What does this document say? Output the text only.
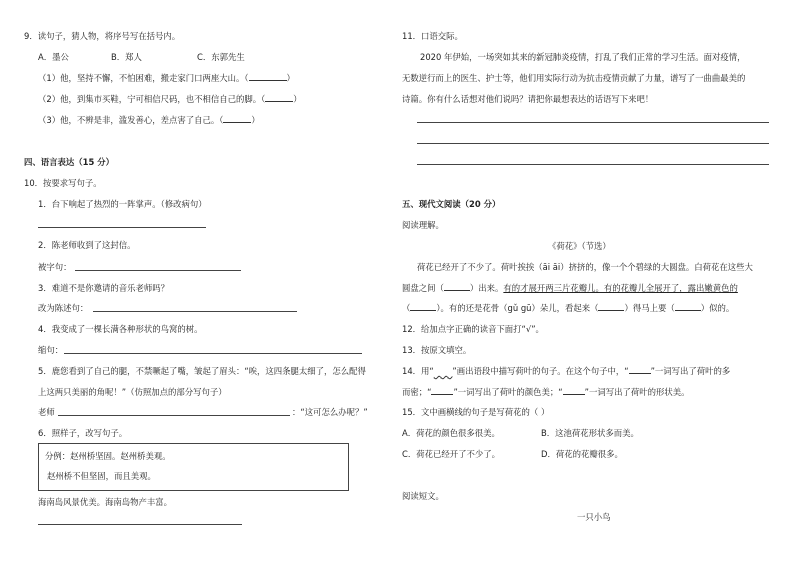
9．读句子，猜人物，将序号写在括号内。
A．墨公	B．郑人	C．东郭先生
（1）他，坚持不懈，不怕困难，搬走家门口两座大山。（	）
（2）他，到集市买鞋，宁可相信尺码，也不相信自己的脚。（	）
（3）他，不辨是非，滥发善心，差点害了自己。（	）
四、语言表达（15 分）
10．按要求写句子。
1．台下响起了热烈的一阵掌声。（修改病句）
2．陈老师收到了这封信。
被字句：
3．难道不是你邀请的音乐老师吗？
改为陈述句：
4．我变成了一棵长满各种形状的鸟窝的树。
缩句：
5．鹿您看到了自己的腿，不禁噘起了嘴，皱起了眉头：“唉，这四条腿太细了，怎么配得
上这两只美丽的角呢！”（仿照加点的部分写句子）
老师	：“这可怎么办呢？”
6．照样子，改写句子。
分例：赵州桥坚固。赵州桥美观。
赵州桥不但坚固，而且美观。
海南岛风景优美。海南岛物产丰富。
11．口语交际。
2020 年伊始，一场突如其来的新冠肺炎疫情，打乱了我们正常的学习生活。面对疫情，
无数逆行而上的医生、护士等，他们用实际行动为抗击疫情贡献了力量，谱写了一曲曲最美的
诗篇。你有什么话想对他们说吗？请把你最想表达的话语写下来吧！
五、现代文阅读（20 分）
阅读理解。
《荷花》（节选）
荷花已经开了不少了。荷叶挨挨（āi āi）挤挤的，像一个个碧绿的大圆盘。白荷花在这些大
圆盘之间（	）出来。有的才展开两三片花瓣儿。有的花瓣儿全展开了，露出嫩黄色的
（	）。有的还是花骨（gǔ gū）朵儿，看起来（	）得马上要（	）似的。
12．给加点字正确的读音下面打“√”。
13．按原文填空。
14．用“ ”画出语段中描写荷叶的句子。在这个句子中，“	”一词写出了荷叶的多
而密；“	”一词写出了荷叶的颜色美；“	”一词写出了荷叶的形状美。
15．文中画横线的句子是写荷花的（ ）
A．荷花的颜色很多很美。	B．这池荷花形状多而美。
C．荷花已经开了不少了。	D．荷花的花瓣很多。
阅读短文。
一只小鸟
